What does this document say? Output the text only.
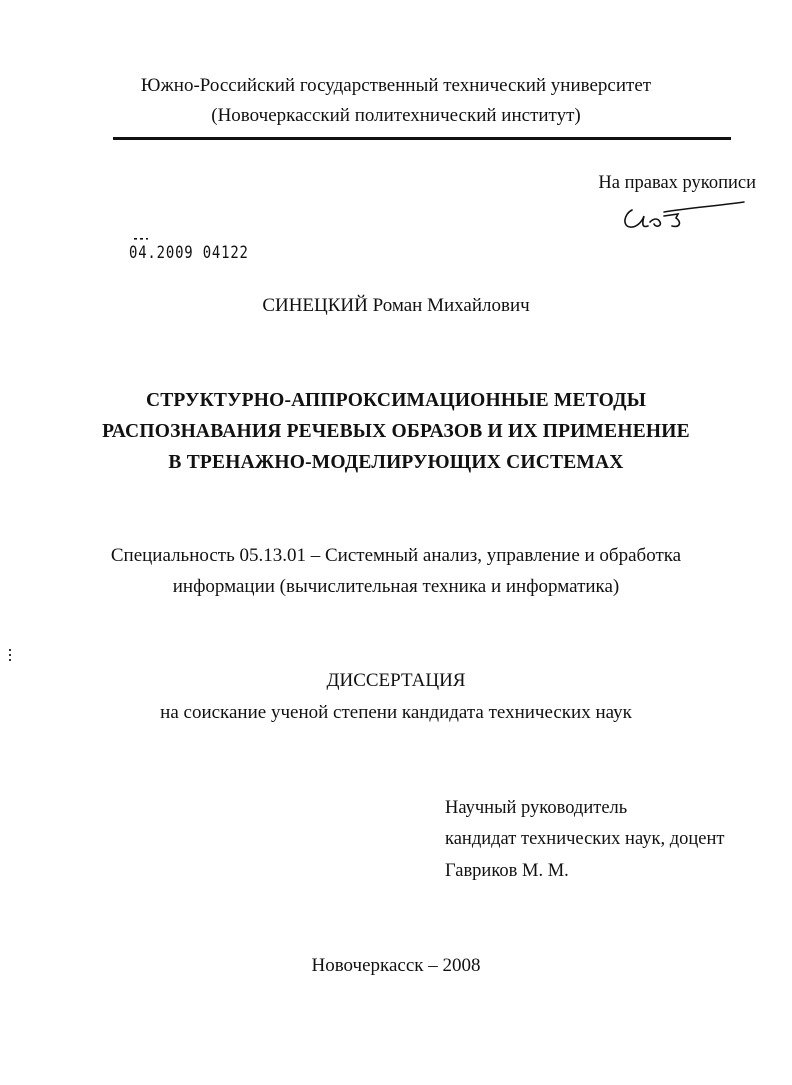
Южно-Российский государственный технический университет
(Новочеркасский политехнический институт)
На правах рукописи
04.2009 04122
СИНЕЦКИЙ Роман Михайлович
СТРУКТУРНО-АППРОКСИМАЦИОННЫЕ МЕТОДЫ
РАСПОЗНАВАНИЯ РЕЧЕВЫХ ОБРАЗОВ И ИХ ПРИМЕНЕНИЕ
В ТРЕНАЖНО-МОДЕЛИРУЮЩИХ СИСТЕМАХ
Специальность 05.13.01 – Системный анализ, управление и обработка
информации (вычислительная техника и информатика)
ДИССЕРТАЦИЯ
на соискание ученой степени кандидата технических наук
Научный руководитель
кандидат технических наук, доцент
Гавриков М. М.
Новочеркасск – 2008
